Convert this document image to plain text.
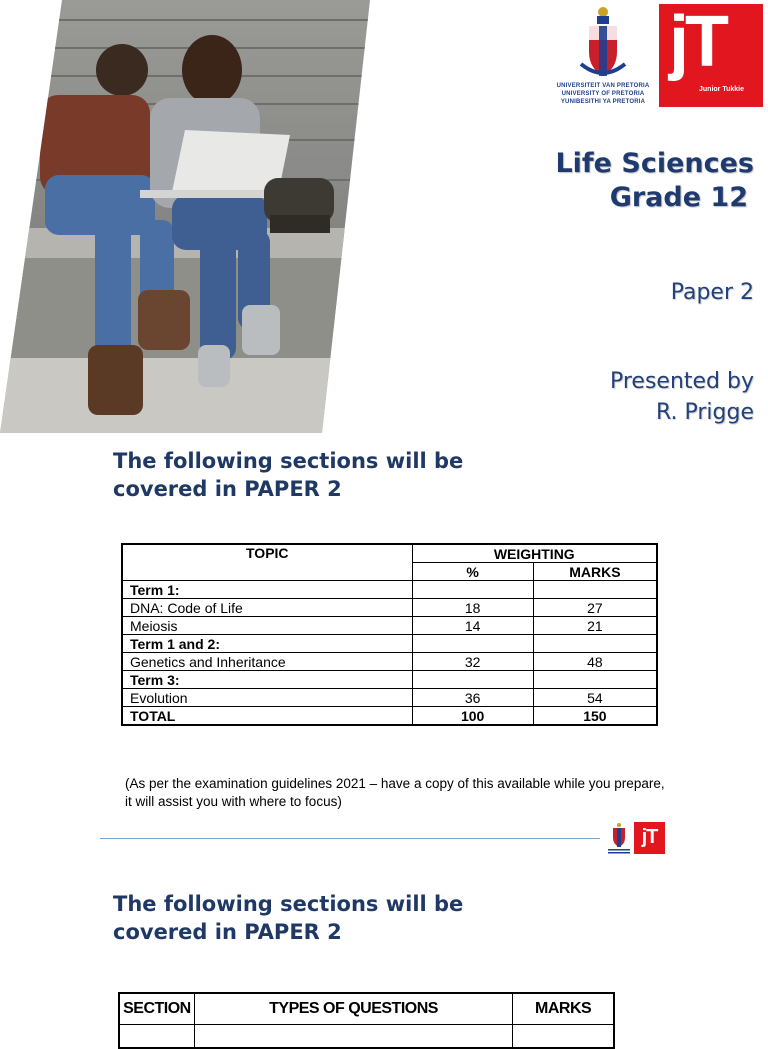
UNIVERSITEIT VAN PRETORIA
UNIVERSITY OF PRETORIA
YUNIBESITHI YA PRETORIA
jT
Junior Tukkie
Life Sciences
Grade 12
Paper 2
Presented by
R. Prigge
The following sections will be
covered in PAPER 2
TOPIC	WEIGHTING	
	%	MARKS
Term 1:		
DNA: Code of Life	18	27
Meiosis	14	21
Term 1 and 2:		
Genetics and Inheritance	32	48
Term 3:		
Evolution	36	54
TOTAL	100	150
(As per the examination guidelines 2021 – have a copy of this available while you prepare, it will assist you with where to focus)
jT
The following sections will be
covered in PAPER 2
SECTION	TYPES OF QUESTIONS	MARKS
